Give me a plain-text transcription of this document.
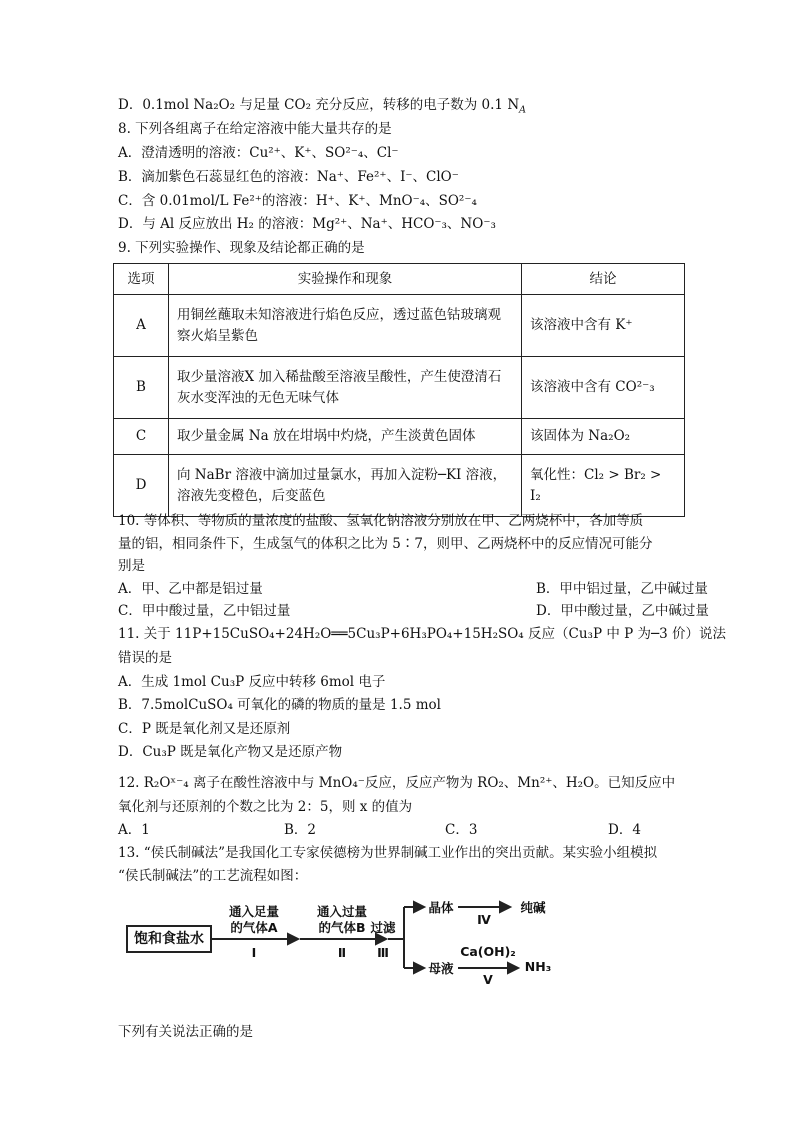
D．0.1mol Na₂O₂ 与足量 CO₂ 充分反应，转移的电子数为 0.1 $N_A$
8. 下列各组离子在给定溶液中能大量共存的是
A．澄清透明的溶液：Cu²⁺、K⁺、SO²⁻₄、Cl⁻
B．滴加紫色石蕊显红色的溶液：Na⁺、Fe²⁺、I⁻、ClO⁻
C．含 0.01mol/L Fe²⁺的溶液：H⁺、K⁺、MnO⁻₄、SO²⁻₄
D．与 Al 反应放出 H₂ 的溶液：Mg²⁺、Na⁺、HCO⁻₃、NO⁻₃
9. 下列实验操作、现象及结论都正确的是
选项	实验操作和现象	结论
A	用铜丝蘸取未知溶液进行焰色反应，透过蓝色钴玻璃观察火焰呈紫色	该溶液中含有 K⁺
B	取少量溶液X 加入稀盐酸至溶液呈酸性，产生使澄清石灰水变浑浊的无色无味气体	该溶液中含有 CO²⁻₃
C	取少量金属 Na 放在坩埚中灼烧，产生淡黄色固体	该固体为 Na₂O₂
D	向 NaBr 溶液中滴加过量氯水，再加入淀粉─KI 溶液，溶液先变橙色，后变蓝色	氧化性：Cl₂ > Br₂ > I₂
10. 等体积、等物质的量浓度的盐酸、氢氧化钠溶液分别放在甲、乙两烧杯中，各加等质
量的铝，相同条件下，生成氢气的体积之比为 5∶7，则甲、乙两烧杯中的反应情况可能分
别是
A．甲、乙中都是铝过量	B．甲中铝过量，乙中碱过量
C．甲中酸过量，乙中铝过量	D．甲中酸过量，乙中碱过量
11. 关于 11P+15CuSO₄+24H₂O══5Cu₃P+6H₃PO₄+15H₂SO₄ 反应（Cu₃P 中 P 为─3 价）说法
错误的是
A．生成 1mol Cu₃P 反应中转移 6mol 电子
B．7.5molCuSO₄ 可氧化的磷的物质的量是 1.5 mol
C．P 既是氧化剂又是还原剂
D．Cu₃P 既是氧化产物又是还原产物
12. R₂Oˣ⁻₄ 离子在酸性溶液中与 MnO₄⁻反应，反应产物为 RO₂、Mn²⁺、H₂O。已知反应中
氧化剂与还原剂的个数之比为 2：5，则 x 的值为
A．1	B．2	C．3	D．4
13. “侯氏制碱法”是我国化工专家侯德榜为世界制碱工业作出的突出贡献。某实验小组模拟
“侯氏制碱法”的工艺流程如图：
饱和食盐水
通入足量
的气体A
Ⅰ
通入过量
的气体B
Ⅱ
过滤
Ⅲ
晶体
Ⅳ
纯碱
母液
Ca(OH)₂
Ⅴ
NH₃
下列有关说法正确的是
